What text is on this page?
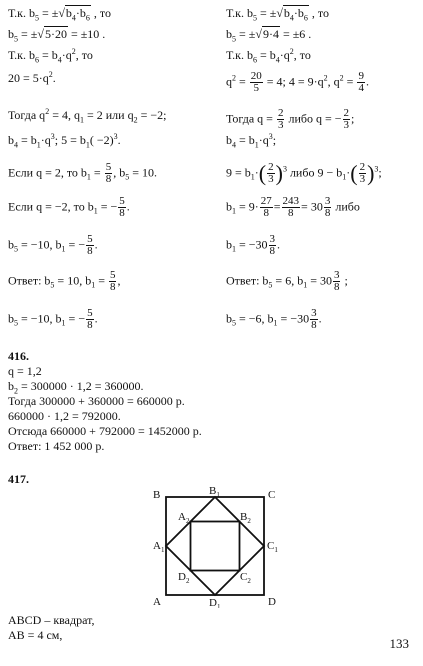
Т.к. $b_5 = \pm√b_4\cdot b_6$ , то
$b_5 = \pm√5\cdot 20 = \pm 10$ .
Т.к. $b_6 = b_4\cdot q^2$, то
$20 = 5\cdot q^2$.
Тогда $q^2 = 4$, $q_1 = 2$ или $q_2 = -2$;
$b_4 = b_1\cdot q^3$; $5 = b_1( -2)^3$.
Если q = 2, то $b_1 = \frac{5}{8}$ , $b_5 = 10$.
Если q = −2, то $b_1$ = − $\frac{5}{8}$ .
$b_5 = -10$, $b_1$ = − $\frac{5}{8}$ .
Ответ: $b_5 = 10$, $b_1 = \frac{5}{8}$ ,
$b_5 = -10$, $b_1$ = − $\frac{5}{8}$ .
Т.к. $b_5 = \pm√b_4\cdot b_6$ , то
$b_5 = \pm√9\cdot 4 = \pm 6$ .
Т.к. $b_6 = b_4\cdot q^2$, то
$q^2 = \frac{20}{5} = 4$; $4 = 9\cdot q^2$, $q^2 = \frac{9}{4}$ .
Тогда $q = \frac{2}{3}$ либо q = − $\frac{2}{3}$ ;
$b_4 = b_1\cdot q^3$;
$9 = b_1\cdot( \frac{2}{3} )^3$ либо $9 - b_1\cdot( \frac{2}{3} )^3$;
$b_1 = 9\cdot \frac{27}{8} = \frac{243}{8} = 30 \frac{3}{8}$ либо
$b_1 = -30 \frac{3}{8}$ .
Ответ: $b_5 = 6$, $b_1 = 30 \frac{3}{8}$ ;
$b_5 = -6$, $b_1 = -30 \frac{3}{8}$ .
416.
q = 1,2
$b_2 = 300000 \cdot 1,2 = 360000$.
Тогда 300000 + 360000 = 660000 р.
660000 · 1,2 = 792000.
Отсюда 660000 + 792000 = 1452000 р.
Ответ: 1 452 000 р.
417.
B	C
A	D
$B_1$
$A_2$	$B_2$
$A_1$	$C_1$
$D_2$	$C_2$
$D_1$
ABCD – квадрат,
AB = 4 см,
133
